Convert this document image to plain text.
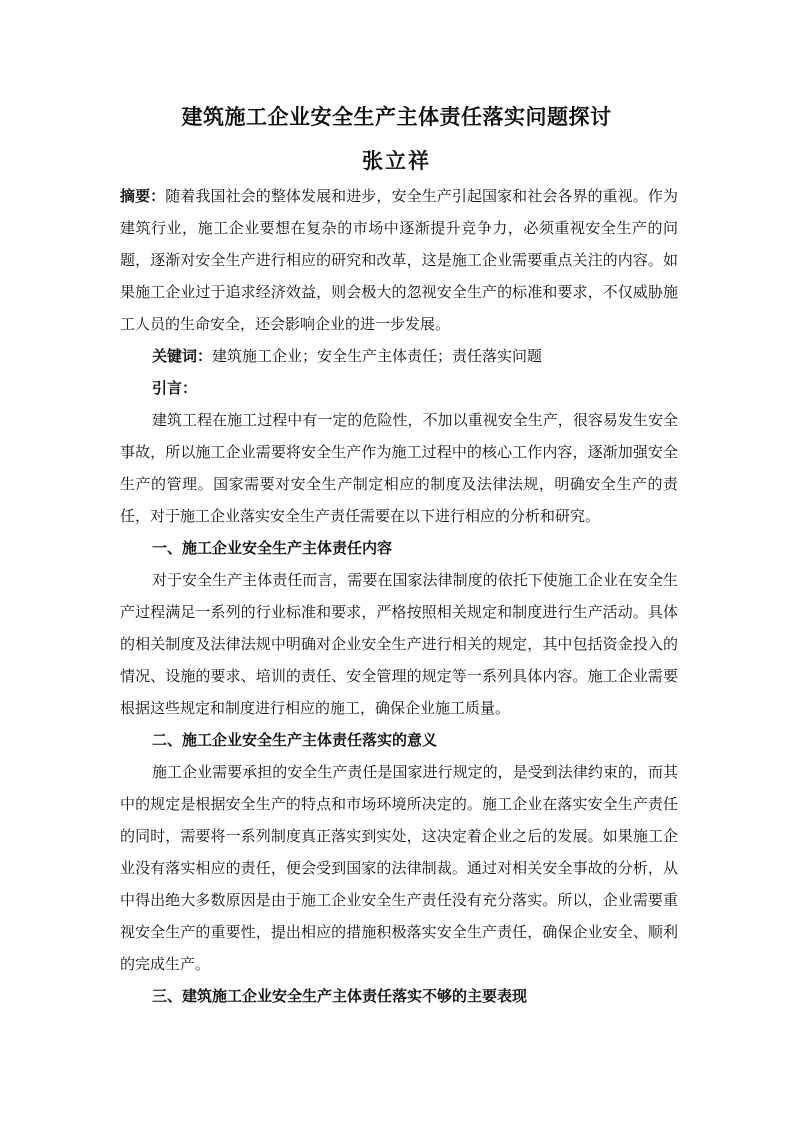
建筑施工企业安全生产主体责任落实问题探讨
张立祥

摘要：随着我国社会的整体发展和进步，安全生产引起国家和社会各界的重视。作为建筑行业，施工企业要想在复杂的市场中逐渐提升竞争力，必须重视安全生产的问题，逐渐对安全生产进行相应的研究和改革，这是施工企业需要重点关注的内容。如果施工企业过于追求经济效益，则会极大的忽视安全生产的标准和要求，不仅威胁施工人员的生命安全，还会影响企业的进一步发展。

关键词：建筑施工企业；安全生产主体责任；责任落实问题

引言：

建筑工程在施工过程中有一定的危险性，不加以重视安全生产，很容易发生安全事故，所以施工企业需要将安全生产作为施工过程中的核心工作内容，逐渐加强安全生产的管理。国家需要对安全生产制定相应的制度及法律法规，明确安全生产的责任，对于施工企业落实安全生产责任需要在以下进行相应的分析和研究。

一、施工企业安全生产主体责任内容

对于安全生产主体责任而言，需要在国家法律制度的依托下使施工企业在安全生产过程满足一系列的行业标准和要求，严格按照相关规定和制度进行生产活动。具体的相关制度及法律法规中明确对企业安全生产进行相关的规定，其中包括资金投入的情况、设施的要求、培训的责任、安全管理的规定等一系列具体内容。施工企业需要根据这些规定和制度进行相应的施工，确保企业施工质量。

二、施工企业安全生产主体责任落实的意义

施工企业需要承担的安全生产责任是国家进行规定的，是受到法律约束的，而其中的规定是根据安全生产的特点和市场环境所决定的。施工企业在落实安全生产责任的同时，需要将一系列制度真正落实到实处，这决定着企业之后的发展。如果施工企业没有落实相应的责任，便会受到国家的法律制裁。通过对相关安全事故的分析，从中得出绝大多数原因是由于施工企业安全生产责任没有充分落实。所以，企业需要重视安全生产的重要性，提出相应的措施积极落实安全生产责任，确保企业安全、顺利的完成生产。

三、建筑施工企业安全生产主体责任落实不够的主要表现
